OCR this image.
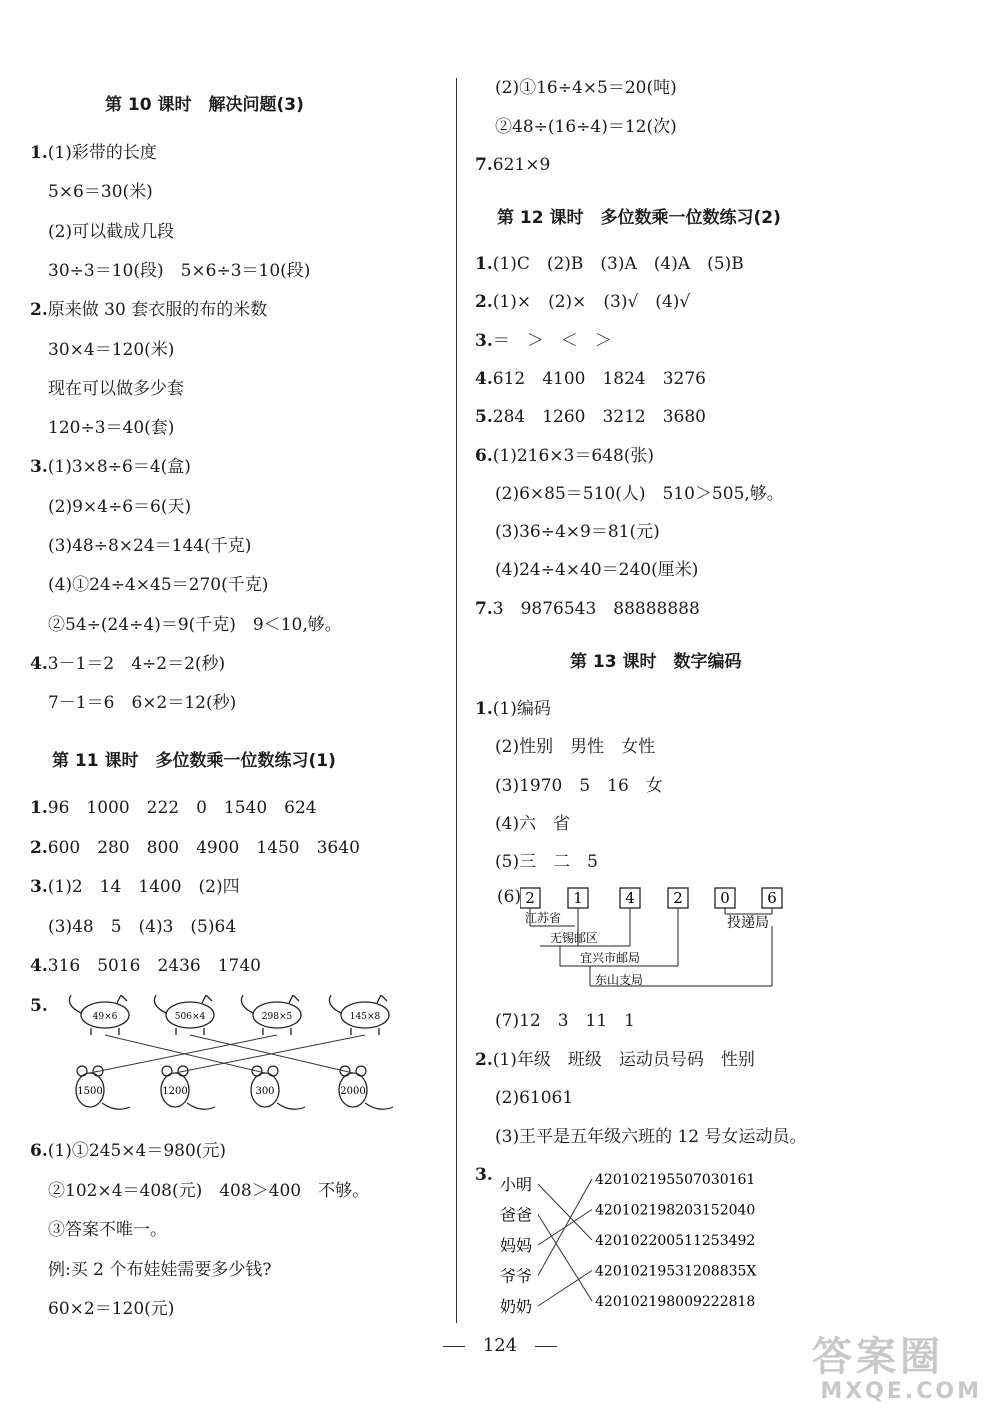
第 10 课时　解决问题(3)
1.(1)彩带的长度
5×6＝30(米)
(2)可以截成几段
30÷3＝10(段)　5×6÷3＝10(段)
2.原来做 30 套衣服的布的米数
30×4＝120(米)
现在可以做多少套
120÷3＝40(套)
3.(1)3×8÷6＝4(盒)
(2)9×4÷6＝6(天)
(3)48÷8×24＝144(千克)
(4)①24÷4×45＝270(千克)
②54÷(24÷4)＝9(千克)　9＜10,够。
4.3－1＝2　4÷2＝2(秒)
7－1＝6　6×2＝12(秒)
第 11 课时　多位数乘一位数练习(1)
1.96　1000　222　0　1540　624
2.600　280　800　4900　1450　3640
3.(1)2　14　1400　(2)四
(3)48　5　(4)3　(5)64
4.316　5016　2436　1740
5.
49×6	506×4	298×5	145×8
1500	1200	300	2000
6.(1)①245×4＝980(元)
②102×4＝408(元)　408＞400　不够。
③答案不唯一。
例:买 2 个布娃娃需要多少钱?
60×2＝120(元)
(2)①16÷4×5＝20(吨)
②48÷(16÷4)＝12(次)
7.621×9
第 12 课时　多位数乘一位数练习(2)
1.(1)C　(2)B　(3)A　(4)A　(5)B
2.(1)×　(2)×　(3)√　(4)√
3.＝　＞　＜　＞
4.612　4100　1824　3276
5.284　1260　3212　3680
6.(1)216×3＝648(张)
(2)6×85＝510(人)　510＞505,够。
(3)36÷4×9＝81(元)
(4)24÷4×40＝240(厘米)
7.3　9876543　88888888
第 13 课时　数字编码
1.(1)编码
(2)性别　男性　女性
(3)1970　5　16　女
(4)六　省
(5)三　二　5
(6) 2	1	4	2 0 6
江苏省
无锡邮区
宜兴市邮局
东山支局
投递局
(7)12　3　11　1
2.(1)年级　班级　运动员号码　性别
(2)61061
(3)王平是五年级六班的 12 号女运动员。
3. 小明
爸爸
妈妈
爷爷
奶奶
420102195507030161
420102198203152040
420102200511253492
42010219531208835X
420102198009222818
124	答案圈
MXQE.COM
